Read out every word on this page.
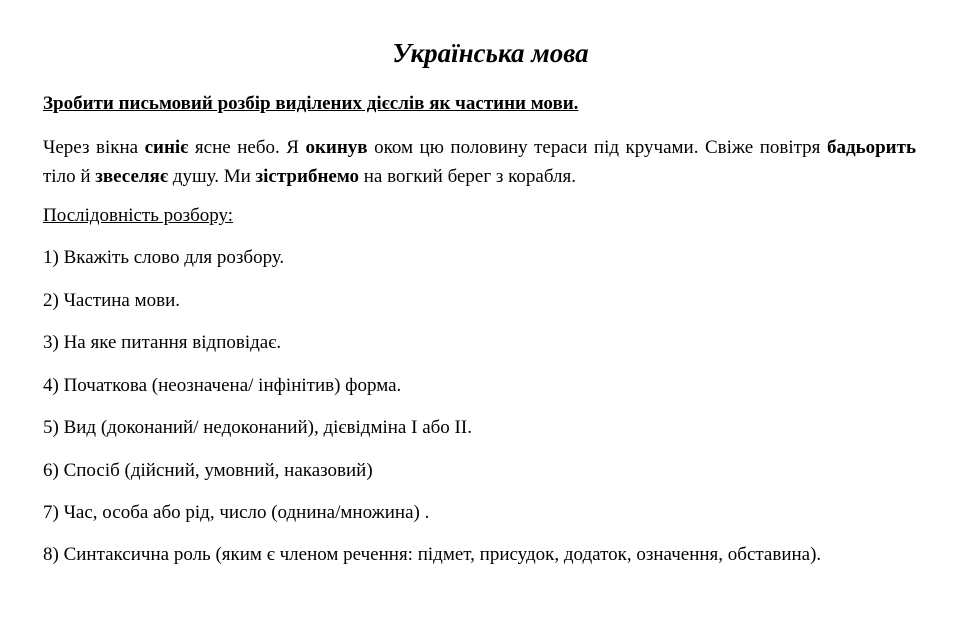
Українська мова
Зробити письмовий розбір виділених дієслів як частини мови.
Через вікна синіє ясне небо. Я окинув оком цю половину тераси під кручами. Свіже повітря бадьорить тіло й звеселяє душу. Ми зістрибнемо на вогкий берег з корабля.
Послідовність розбору:
1) Вкажіть слово для розбору.
2) Частина мови.
3) На яке питання відповідає.
4) Початкова (неозначена/ інфінітив) форма.
5) Вид (доконаний/ недоконаний), дієвідміна І або ІІ.
6) Спосіб (дійсний, умовний, наказовий)
7) Час, особа або рід, число (однина/множина) .
8) Синтаксична роль (яким є членом речення: підмет, присудок, додаток, означення, обставина).
